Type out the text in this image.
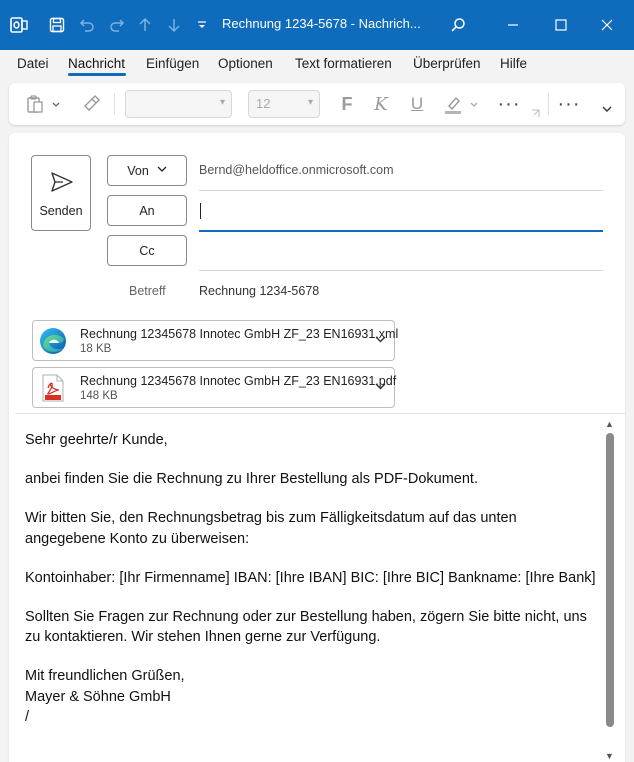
Rechnung 1234-5678 - Nachrich...
Datei Nachricht Einfügen Optionen Text formatieren Überprüfen Hilfe
▾	12	▾	F	K	U	··· ···
Senden
Von	Bernd@heldoffice.onmicrosoft.com
An
Cc
Betreff	Rechnung 1234-5678
Rechnung 12345678 Innotec GmbH ZF_23 EN16931.xml
18 KB
Rechnung 12345678 Innotec GmbH ZF_23 EN16931.pdf
148 KB

Sehr geehrte/r Kunde,

anbei finden Sie die Rechnung zu Ihrer Bestellung als PDF-Dokument.

Wir bitten Sie, den Rechnungsbetrag bis zum Fälligkeitsdatum auf das unten angegebene Konto zu überweisen:

Kontoinhaber: [Ihr Firmenname] IBAN: [Ihre IBAN] BIC: [Ihre BIC] Bankname: [Ihre Bank]

Sollten Sie Fragen zur Rechnung oder zur Bestellung haben, zögern Sie bitte nicht, uns zu kontaktieren. Wir stehen Ihnen gerne zur Verfügung.

Mit freundlichen Grüßen,

Mayer & Söhne GmbH

/

▲
▼
